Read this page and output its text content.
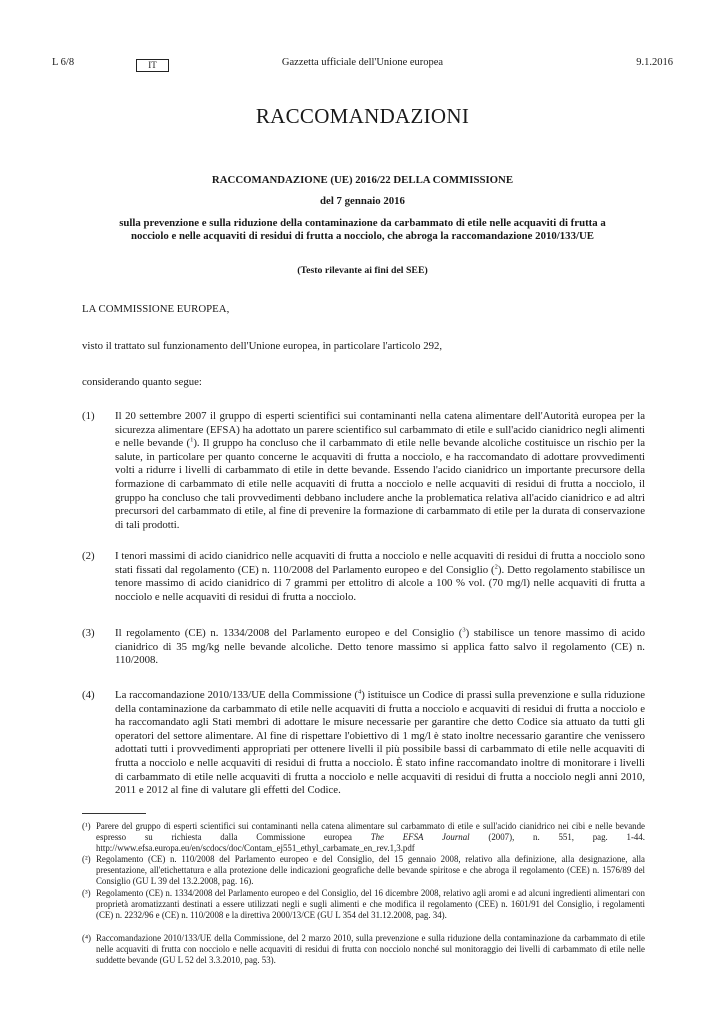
L 6/8	IT	Gazzetta ufficiale dell'Unione europea	9.1.2016
RACCOMANDAZIONI
RACCOMANDAZIONE (UE) 2016/22 DELLA COMMISSIONE
del 7 gennaio 2016
sulla prevenzione e sulla riduzione della contaminazione da carbammato di etile nelle acquaviti di frutta a nocciolo e nelle acquaviti di residui di frutta a nocciolo, che abroga la raccomandazione 2010/133/UE
(Testo rilevante ai fini del SEE)
LA COMMISSIONE EUROPEA,
visto il trattato sul funzionamento dell'Unione europea, in particolare l'articolo 292,
considerando quanto segue:
(1) Il 20 settembre 2007 il gruppo di esperti scientifici sui contaminanti nella catena alimentare dell'Autorità europea per la sicurezza alimentare (EFSA) ha adottato un parere scientifico sul carbammato di etile e sull'acido cianidrico negli alimenti e nelle bevande ($^1$). Il gruppo ha concluso che il carbammato di etile nelle bevande alcoliche costituisce un rischio per la salute, in particolare per quanto concerne le acquaviti di frutta a nocciolo, e ha raccomandato di adottare provvedimenti volti a ridurre i livelli di carbammato di etile in dette bevande. Essendo l'acido cianidrico un importante precursore della formazione di carbammato di etile nelle acquaviti di frutta a nocciolo e nelle acquaviti di residui di frutta a nocciolo, il gruppo ha concluso che tali provvedimenti debbano includere anche la problematica relativa all'acido cianidrico e ad altri precursori del carbammato di etile, al fine di prevenire la formazione di carbammato di etile per la durata di conservazione di tali prodotti.
(2) I tenori massimi di acido cianidrico nelle acquaviti di frutta a nocciolo e nelle acquaviti di residui di frutta a nocciolo sono stati fissati dal regolamento (CE) n. 110/2008 del Parlamento europeo e del Consiglio ($^2$). Detto regolamento stabilisce un tenore massimo di acido cianidrico di 7 grammi per ettolitro di alcole a 100 % vol. (70 mg/l) nelle acquaviti di frutta a nocciolo e nelle acquaviti di residui di frutta a nocciolo.
(3) Il regolamento (CE) n. 1334/2008 del Parlamento europeo e del Consiglio ($^3$) stabilisce un tenore massimo di acido cianidrico di 35 mg/kg nelle bevande alcoliche. Detto tenore massimo si applica fatto salvo il regolamento (CE) n. 110/2008.
(4) La raccomandazione 2010/133/UE della Commissione ($^4$) istituisce un Codice di prassi sulla prevenzione e sulla riduzione della contaminazione da carbammato di etile nelle acquaviti di frutta a nocciolo e acquaviti di residui di frutta a nocciolo e ha raccomandato agli Stati membri di adottare le misure necessarie per garantire che detto Codice sia attuato da tutti gli operatori del settore alimentare. Al fine di rispettare l'obiettivo di 1 mg/l è stato inoltre necessario garantire che venissero adottati tutti i provvedimenti appropriati per ottenere livelli il più possibile bassi di carbammato di etile nelle acquaviti di frutta a nocciolo e nelle acquaviti di residui di frutta a nocciolo. È stato infine raccomandato inoltre di monitorare i livelli di carbammato di etile nelle acquaviti di frutta a nocciolo e nelle acquaviti di residui di frutta a nocciolo negli anni 2010, 2011 e 2012 al fine di valutare gli effetti del Codice.
(¹) Parere del gruppo di esperti scientifici sui contaminanti nella catena alimentare sul carbammato di etile e sull'acido cianidrico nei cibi e nelle bevande espresso su richiesta dalla Commissione europea The EFSA Journal (2007), n. 551, pag. 1-44. http://www.efsa.europa.eu/en/scdocs/doc/Contam_ej551_ethyl_carbamate_en_rev.1,3.pdf
(²) Regolamento (CE) n. 110/2008 del Parlamento europeo e del Consiglio, del 15 gennaio 2008, relativo alla definizione, alla designazione, alla presentazione, all'etichettatura e alla protezione delle indicazioni geografiche delle bevande spiritose e che abroga il regolamento (CEE) n. 1576/89 del Consiglio (GU L 39 del 13.2.2008, pag. 16).
(³) Regolamento (CE) n. 1334/2008 del Parlamento europeo e del Consiglio, del 16 dicembre 2008, relativo agli aromi e ad alcuni ingredienti alimentari con proprietà aromatizzanti destinati a essere utilizzati negli e sugli alimenti e che modifica il regolamento (CEE) n. 1601/91 del Consiglio, i regolamenti (CE) n. 2232/96 e (CE) n. 110/2008 e la direttiva 2000/13/CE (GU L 354 del 31.12.2008, pag. 34).
(⁴) Raccomandazione 2010/133/UE della Commissione, del 2 marzo 2010, sulla prevenzione e sulla riduzione della contaminazione da carbammato di etile nelle acquaviti di frutta con nocciolo e nelle acquaviti di residui di frutta con nocciolo nonché sul monitoraggio dei livelli di carbammato di etile nelle suddette bevande (GU L 52 del 3.3.2010, pag. 53).
